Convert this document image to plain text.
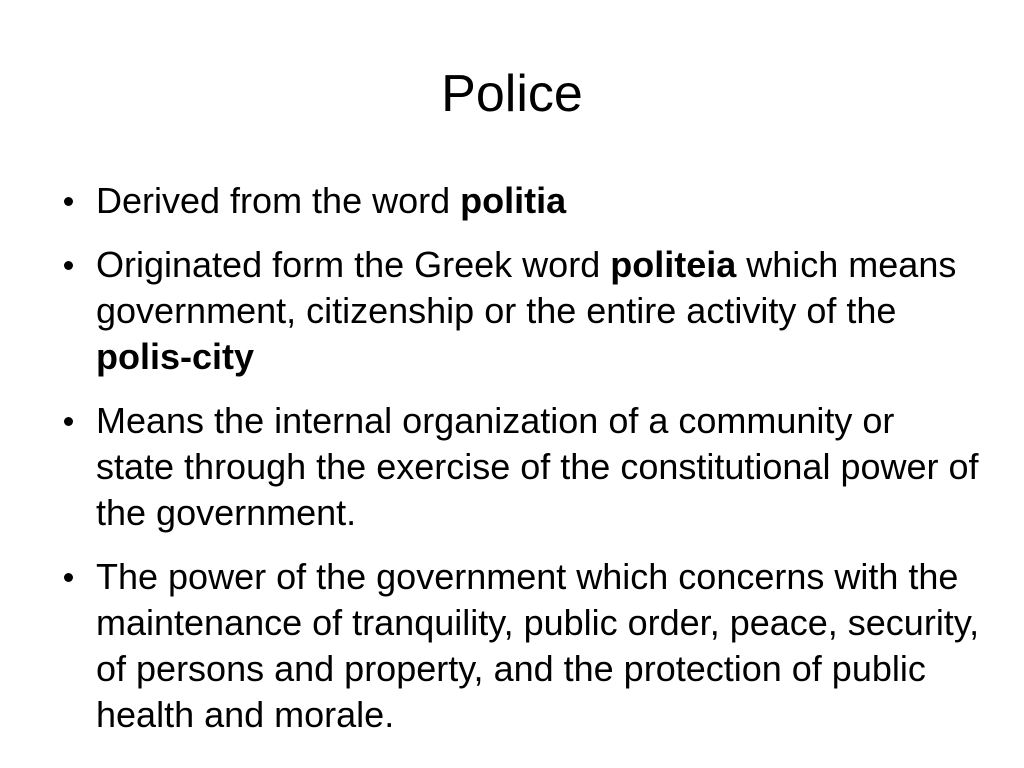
Police
Derived from the word politia
Originated form the Greek word politeia which means government, citizenship or the entire activity of the polis-city
Means the internal organization of a community or state through the exercise of the constitutional power of the government.
The power of the government which concerns with the maintenance of tranquility, public order, peace, security, of persons and property, and the protection of public health and morale.
